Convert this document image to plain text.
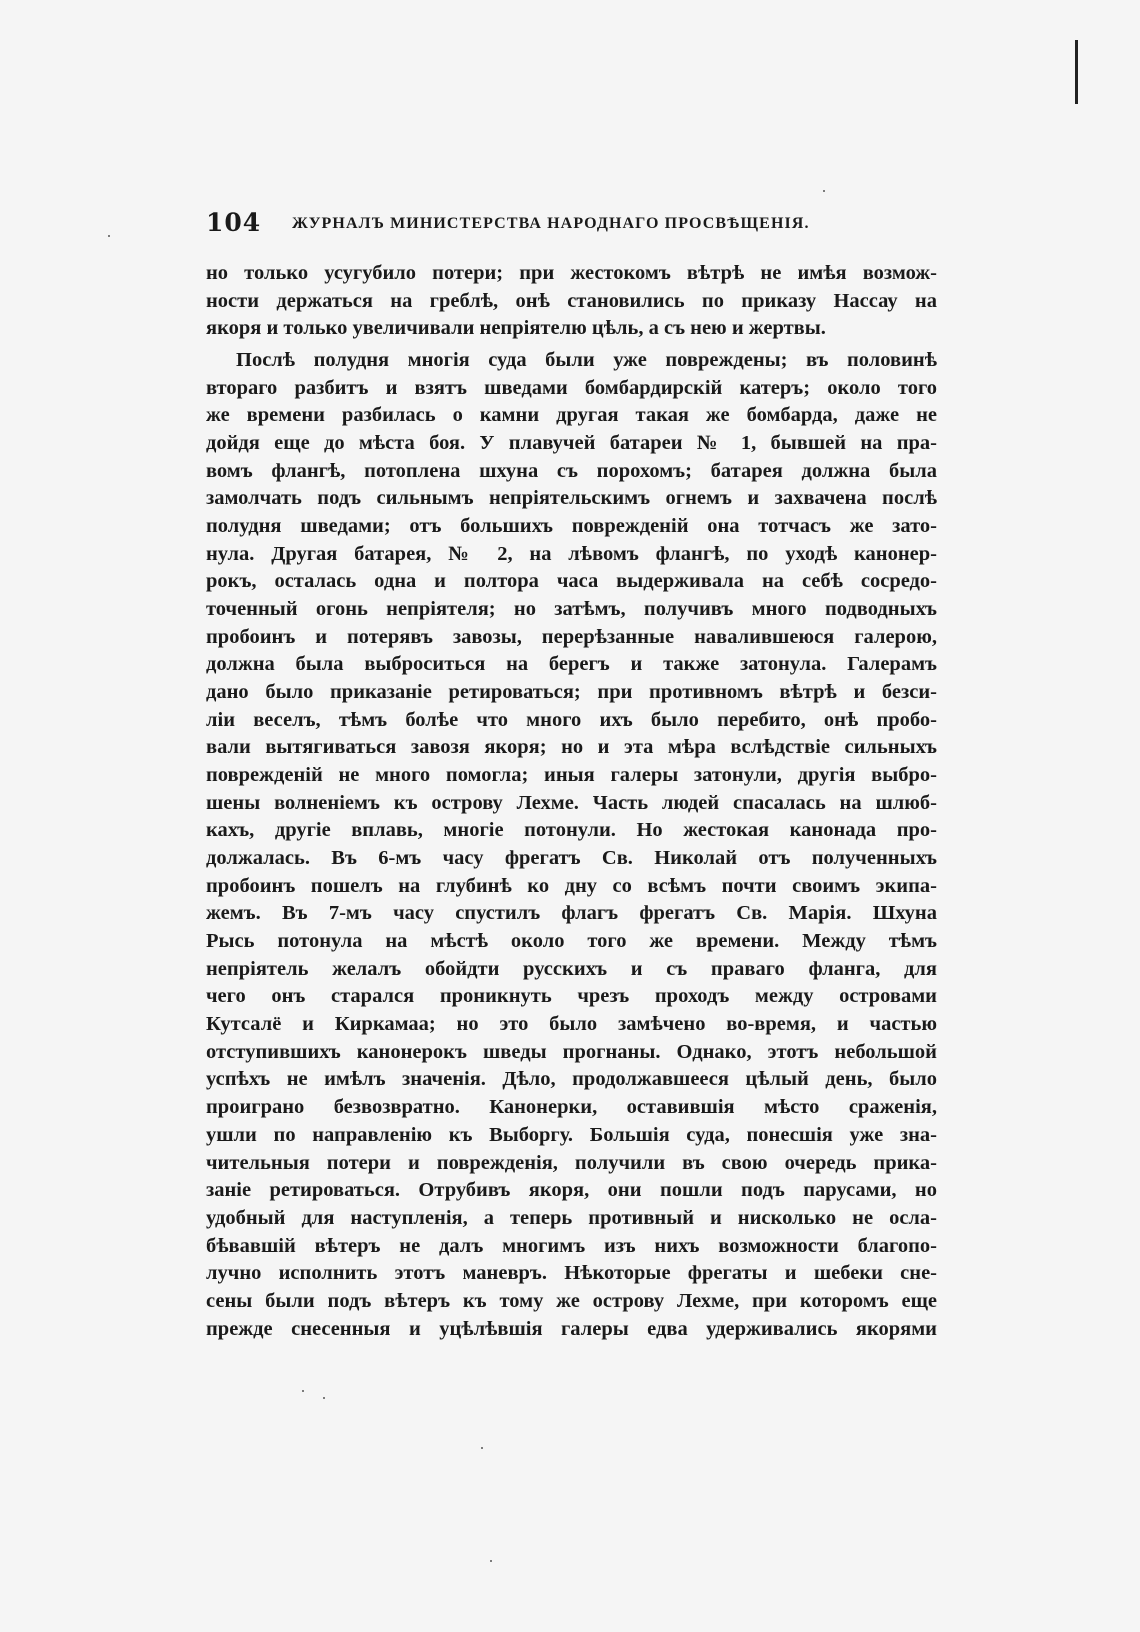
104 ЖУРНАЛЪ МИНИСТЕРСТВА НАРОДНАГО ПРОСВѢЩЕНІЯ.
но только усугубило потери; при жестокомъ вѣтрѣ не имѣя возмож-
ности держаться на греблѣ, онѣ становились по приказу Нассау на
якоря и только увеличивали непріятелю цѣль, а съ нею и жертвы.
Послѣ полудня многія суда были уже повреждены; въ половинѣ
втораго разбитъ и взятъ шведами бомбардирскій катеръ; около того
же времени разбилась о камни другая такая же бомбарда, даже не
дойдя еще до мѣста боя. У плавучей батареи № 1, бывшей на пра-
вомъ флангѣ, потоплена шхуна съ порохомъ; батарея должна была
замолчать подъ сильнымъ непріятельскимъ огнемъ и захвачена послѣ
полудня шведами; отъ большихъ поврежденій она тотчасъ же зато-
нула. Другая батарея, № 2, на лѣвомъ флангѣ, по уходѣ канонер-
рокъ, осталась одна и полтора часа выдерживала на себѣ сосредо-
точенный огонь непріятеля; но затѣмъ, получивъ много подводныхъ
пробоинъ и потерявъ завозы, перерѣзанные навалившеюся галерою,
должна была выброситься на берегъ и также затонула. Галерамъ
дано было приказаніе ретироваться; при противномъ вѣтрѣ и безси-
ліи веселъ, тѣмъ болѣе что много ихъ было перебито, онѣ пробо-
вали вытягиваться завозя якоря; но и эта мѣра вслѣдствіе сильныхъ
поврежденій не много помогла; иныя галеры затонули, другія выбро-
шены волненіемъ къ острову Лехме. Часть людей спасалась на шлюб-
кахъ, другіе вплавь, многіе потонули. Но жестокая канонада про-
должалась. Въ 6-мъ часу фрегатъ Св. Николай отъ полученныхъ
пробоинъ пошелъ на глубинѣ ко дну со всѣмъ почти своимъ экипа-
жемъ. Въ 7-мъ часу спустилъ флагъ фрегатъ Св. Марія. Шхуна
Рысь потонула на мѣстѣ около того же времени. Между тѣмъ
непріятель желалъ обойдти русскихъ и съ праваго фланга, для
чего онъ старался проникнуть чрезъ проходъ между островами
Кутсалё и Киркамаа; но это было замѣчено во-время, и частью
отступившихъ канонерокъ шведы прогнаны. Однако, этотъ небольшой
успѣхъ не имѣлъ значенія. Дѣло, продолжавшееся цѣлый день, было
проиграно безвозвратно. Канонерки, оставившія мѣсто сраженія,
ушли по направленію къ Выборгу. Большія суда, понесшія уже зна-
чительныя потери и поврежденія, получили въ свою очередь прика-
заніе ретироваться. Отрубивъ якоря, они пошли подъ парусами, но
удобный для наступленія, а теперь противный и нисколько не осла-
бѣвавшій вѣтеръ не далъ многимъ изъ нихъ возможности благопо-
лучно исполнить этотъ маневръ. Нѣкоторые фрегаты и шебеки сне-
сены были подъ вѣтеръ къ тому же острову Лехме, при которомъ еще
прежде снесенныя и уцѣлѣвшія галеры едва удерживались якорями
